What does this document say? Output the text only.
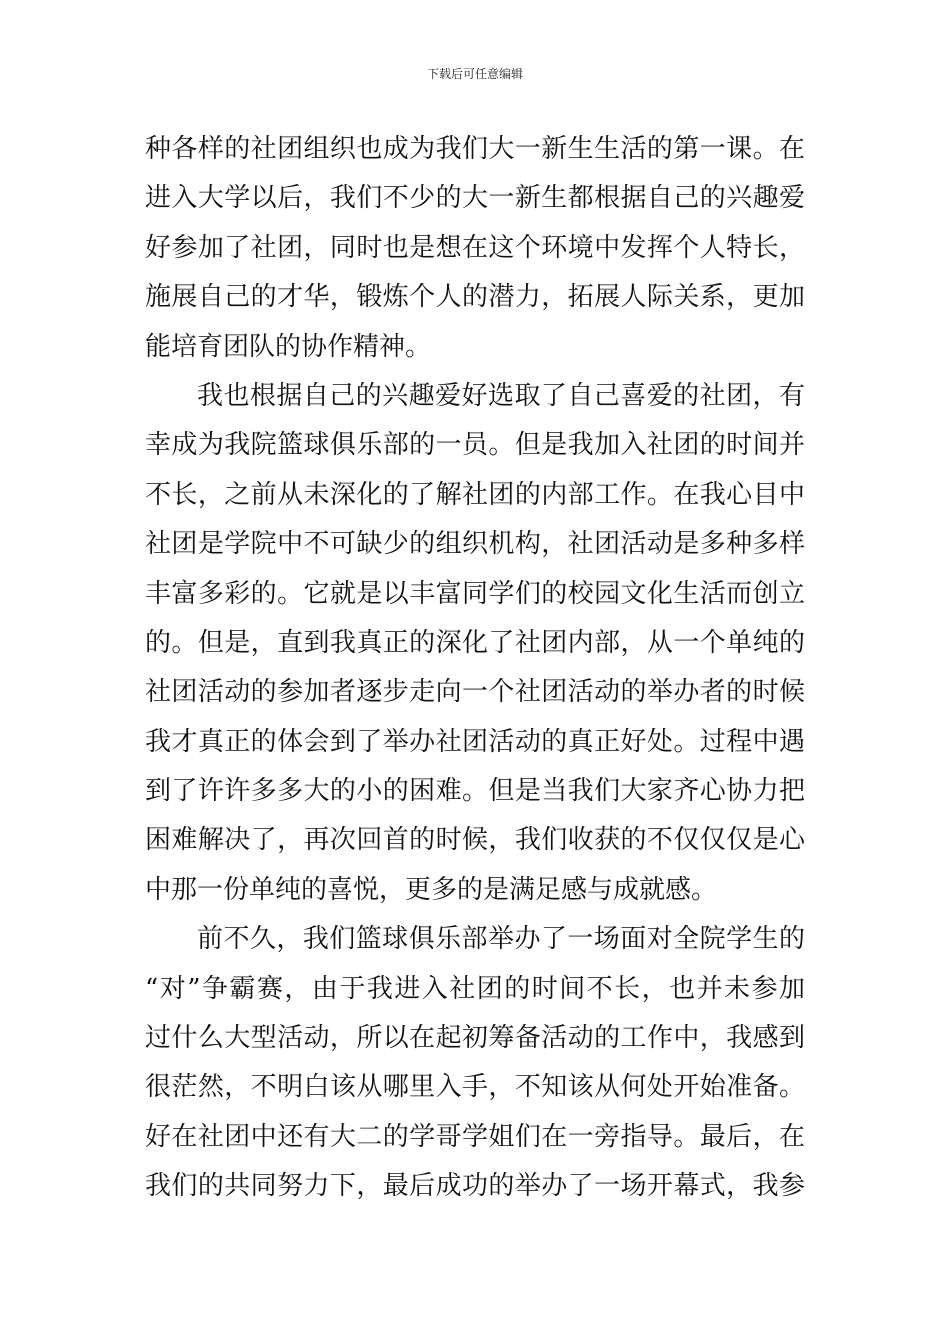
下载后可任意编辑
种各样的社团组织也成为我们大一新生生活的第一课。在
进入大学以后，我们不少的大一新生都根据自己的兴趣爱
好参加了社团，同时也是想在这个环境中发挥个人特长，
施展自己的才华，锻炼个人的潜力，拓展人际关系，更加
能培育团队的协作精神。
我也根据自己的兴趣爱好选取了自己喜爱的社团，有
幸成为我院篮球俱乐部的一员。但是我加入社团的时间并
不长，之前从未深化的了解社团的内部工作。在我心目中
社团是学院中不可缺少的组织机构，社团活动是多种多样
丰富多彩的。它就是以丰富同学们的校园文化生活而创立
的。但是，直到我真正的深化了社团内部，从一个单纯的
社团活动的参加者逐步走向一个社团活动的举办者的时候
我才真正的体会到了举办社团活动的真正好处。过程中遇
到了许许多多大的小的困难。但是当我们大家齐心协力把
困难解决了，再次回首的时候，我们收获的不仅仅仅是心
中那一份单纯的喜悦，更多的是满足感与成就感。
前不久，我们篮球俱乐部举办了一场面对全院学生的
“对”争霸赛，由于我进入社团的时间不长，也并未参加
过什么大型活动，所以在起初筹备活动的工作中，我感到
很茫然，不明白该从哪里入手，不知该从何处开始准备。
好在社团中还有大二的学哥学姐们在一旁指导。最后，在
我们的共同努力下，最后成功的举办了一场开幕式，我参
